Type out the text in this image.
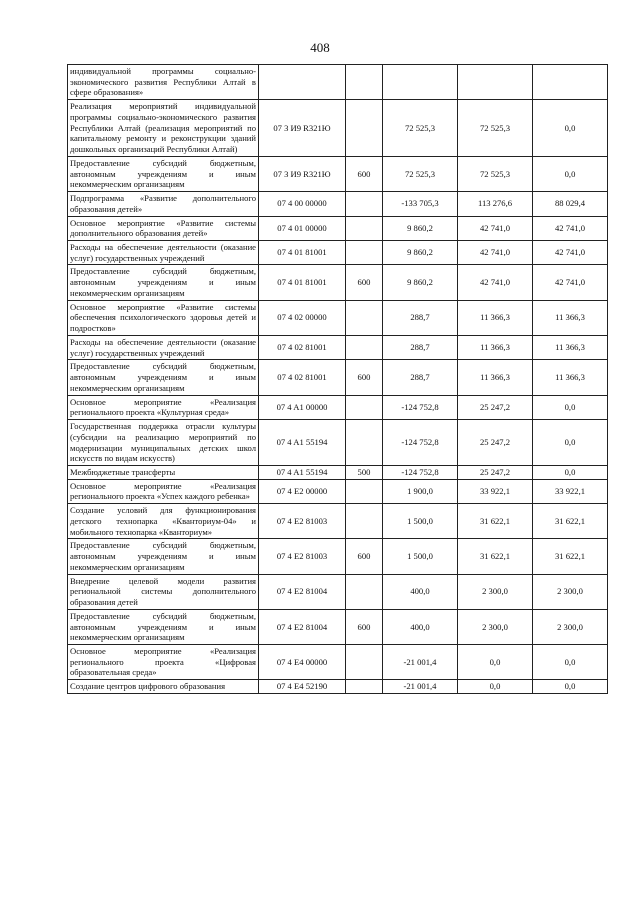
408
индивидуальной программы социально-экономического развития Республики Алтай в сфере образования»					
Реализация мероприятий индивидуальной программы социально-экономического развития Республики Алтай (реализация мероприятий по капитальному ремонту и реконструкции зданий дошкольных организаций Республики Алтай)	07 3 И9 R321Ю		72 525,3	72 525,3	0,0
Предоставление субсидий бюджетным, автономным учреждениям и иным некоммерческим организациям	07 3 И9 R321Ю	600	72 525,3	72 525,3	0,0
Подпрограмма «Развитие дополнительного образования детей»	07 4 00 00000		-133 705,3	113 276,6	88 029,4
Основное мероприятие «Развитие системы дополнительного образования детей»	07 4 01 00000		9 860,2	42 741,0	42 741,0
Расходы на обеспечение деятельности (оказание услуг) государственных учреждений	07 4 01 81001		9 860,2	42 741,0	42 741,0
Предоставление субсидий бюджетным, автономным учреждениям и иным некоммерческим организациям	07 4 01 81001	600	9 860,2	42 741,0	42 741,0
Основное мероприятие «Развитие системы обеспечения психологического здоровья детей и подростков»	07 4 02 00000		288,7	11 366,3	11 366,3
Расходы на обеспечение деятельности (оказание услуг) государственных учреждений	07 4 02 81001		288,7	11 366,3	11 366,3
Предоставление субсидий бюджетным, автономным учреждениям и иным некоммерческим организациям	07 4 02 81001	600	288,7	11 366,3	11 366,3
Основное мероприятие «Реализация регионального проекта «Культурная среда»	07 4 A1 00000		-124 752,8	25 247,2	0,0
Государственная поддержка отрасли культуры (субсидии на реализацию мероприятий по модернизации муниципальных детских школ искусств по видам искусств)	07 4 A1 55194		-124 752,8	25 247,2	0,0
Межбюджетные трансферты	07 4 A1 55194	500	-124 752,8	25 247,2	0,0
Основное мероприятие «Реализация регионального проекта «Успех каждого ребенка»	07 4 E2 00000		1 900,0	33 922,1	33 922,1
Создание условий для функционирования детского технопарка «Кванториум-04» и мобильного технопарка «Кванториум»	07 4 E2 81003		1 500,0	31 622,1	31 622,1
Предоставление субсидий бюджетным, автономным учреждениям и иным некоммерческим организациям	07 4 E2 81003	600	1 500,0	31 622,1	31 622,1
Внедрение целевой модели развития региональной системы дополнительного образования детей	07 4 E2 81004		400,0	2 300,0	2 300,0
Предоставление субсидий бюджетным, автономным учреждениям и иным некоммерческим организациям	07 4 E2 81004	600	400,0	2 300,0	2 300,0
Основное мероприятие «Реализация регионального проекта «Цифровая образовательная среда»	07 4 E4 00000		-21 001,4	0,0	0,0
Создание центров цифрового образования	07 4 E4 52190		-21 001,4	0,0	0,0
